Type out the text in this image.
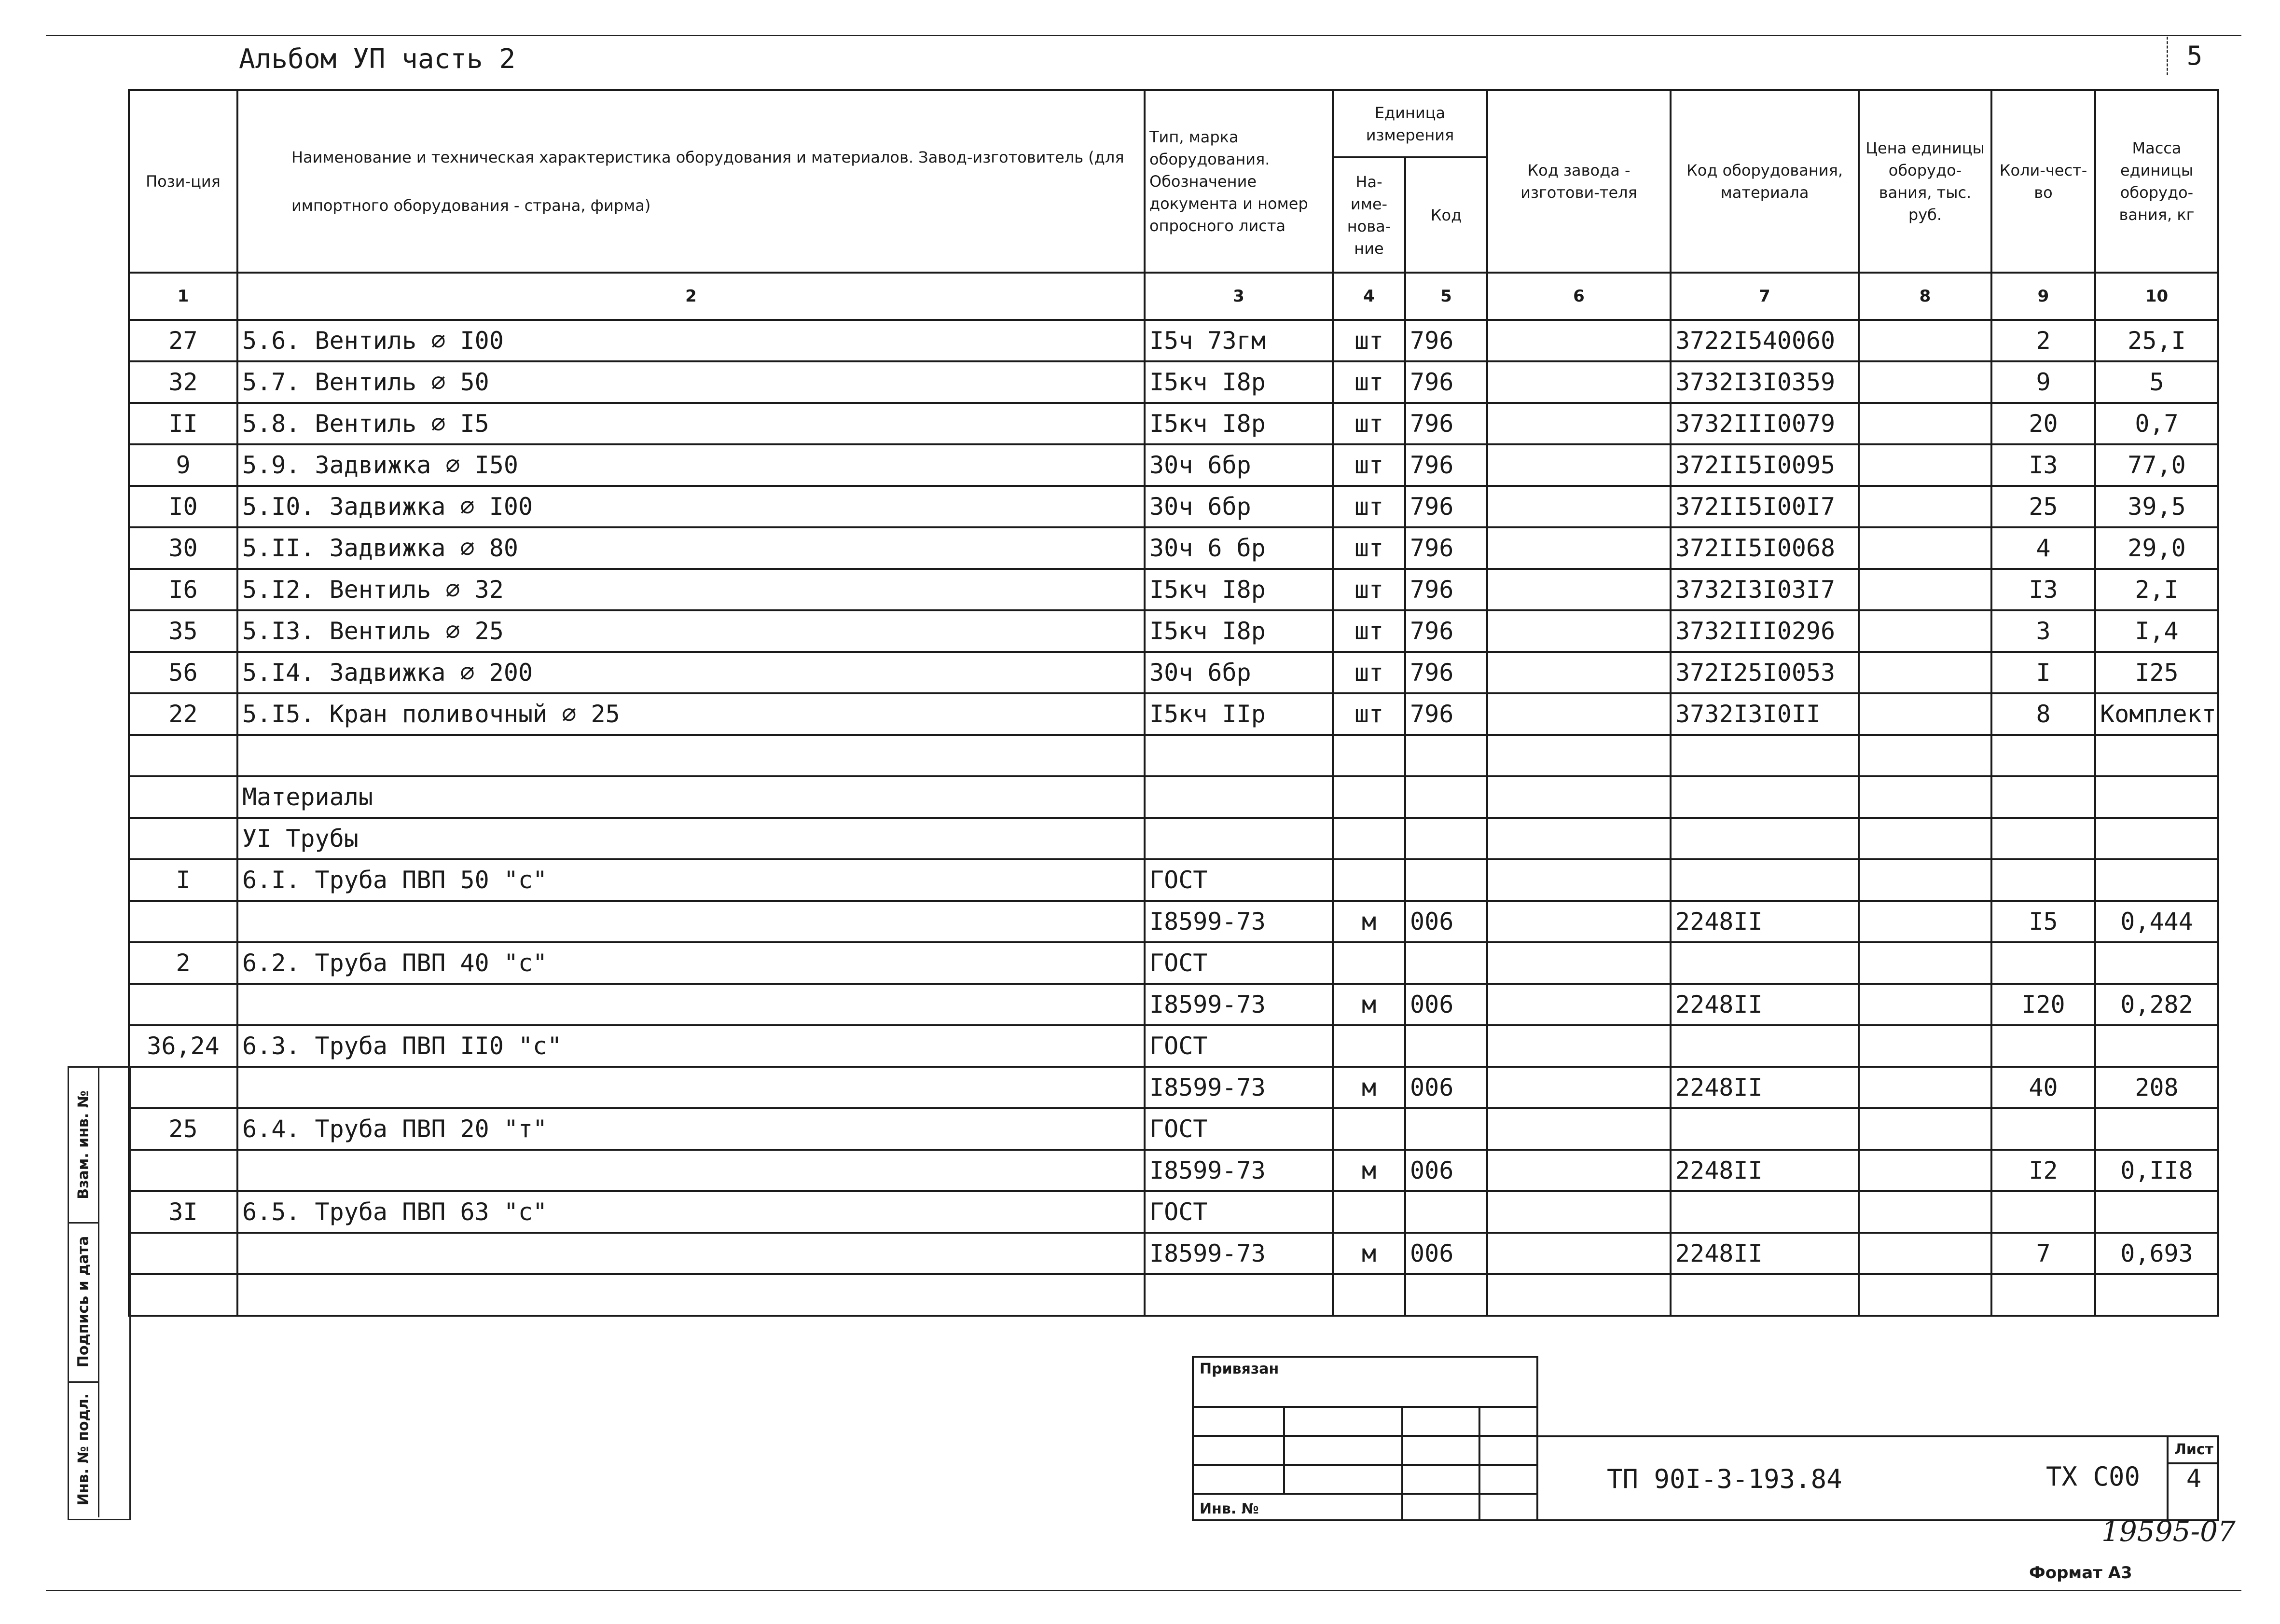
Альбом УП часть 2	5
Пози-ция	Наименование и техническая характеристика оборудования и материалов. Завод-изготовитель (для импортного оборудования - страна, фирма)	Тип, марка оборудования. Обозначение документа и номер опросного листа	Единица измерения		Код завода - изготови-теля	Код оборудования, материала	Цена единицы оборудо-вания, тыс. руб.	Коли-чест-во	Масса единицы оборудо-вания, кг
			На-име-нова-ние	Код					
1	2	3	4	5	6	7	8	9	10
27	5.6. Вентиль ∅ I00	I5ч 73гм	шт	796		3722I540060		2	25,I
32	5.7. Вентиль ∅ 50	I5кч I8р	шт	796		3732I3I0359		9	5
II	5.8. Вентиль ∅ I5	I5кч I8р	шт	796		3732III0079		20	0,7
9	5.9. Задвижка ∅ I50	30ч 6бр	шт	796		372II5I0095		I3	77,0
I0	5.I0. Задвижка ∅ I00	30ч 6бр	шт	796		372II5I00I7		25	39,5
30	5.II. Задвижка ∅ 80	30ч 6 бр	шт	796		372II5I0068		4	29,0
I6	5.I2. Вентиль ∅ 32	I5кч I8р	шт	796		3732I3I03I7		I3	2,I
35	5.I3. Вентиль ∅ 25	I5кч I8р	шт	796		3732III0296		3	I,4
56	5.I4. Задвижка ∅ 200	30ч 6бр	шт	796		372I25I0053		I	I25
22	5.I5. Кран поливочный ∅ 25	I5кч IIр	шт	796		3732I3I0II		8	Комплект

	Материалы								
	УI Трубы								
I	6.I. Труба ПВП 50 "с"	ГОСТ							
		I8599-73	м	006		2248II		I5	0,444
2	6.2. Труба ПВП 40 "с"	ГОСТ							
		I8599-73	м	006		2248II		I20	0,282
36,24	6.3. Труба ПВП II0 "с"	ГОСТ							
		I8599-73	м	006		2248II		40	208
25	6.4. Труба ПВП 20 "т"	ГОСТ							
		I8599-73	м	006		2248II		I2	0,II8
3I	6.5. Труба ПВП 63 "с"	ГОСТ							
		I8599-73	м	006		2248II		7	0,693

Взам. инв. №
Подпись и дата
Инв. № подл.
Привязан
Инв. №
ТП 90I-3-193.84	ТХ С00
Лист
4
19595-07
Формат А3
